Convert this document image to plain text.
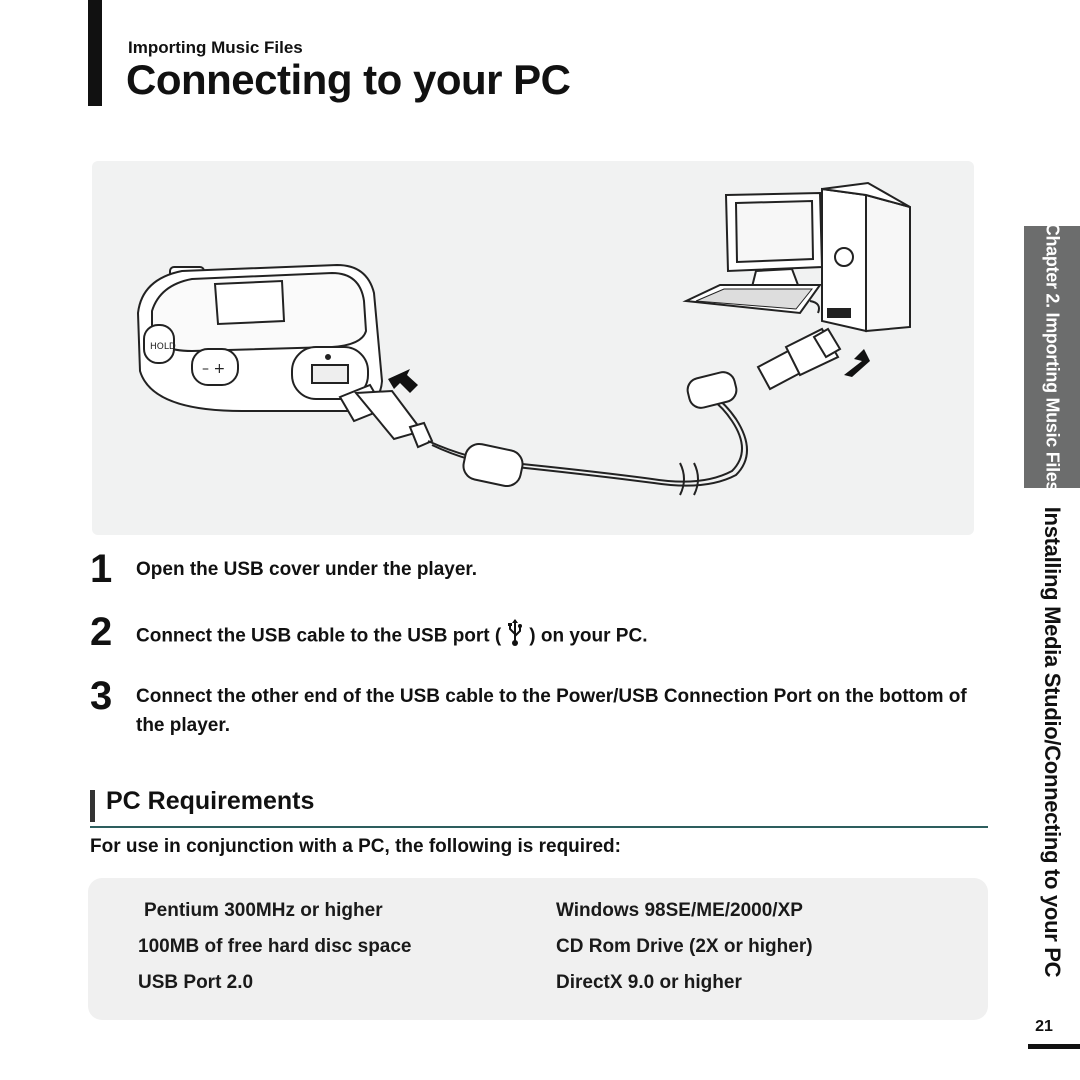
Importing Music Files
Connecting to your PC
HOLD
– +
1	Open the USB cover under the player.
2	Connect the USB cable to the USB port ( ) on your PC.
3	Connect the other end of the USB cable to the Power/USB Connection Port on the bottom of the player.
PC Requirements
For use in conjunction with a PC, the following is required:
Pentium 300MHz or higher	Windows 98SE/ME/2000/XP
100MB of free hard disc space	CD Rom Drive (2X or higher)
USB Port 2.0	DirectX 9.0 or higher
Chapter 2. Importing Music Files
Installing Media Studio/Connecting to your PC
21
